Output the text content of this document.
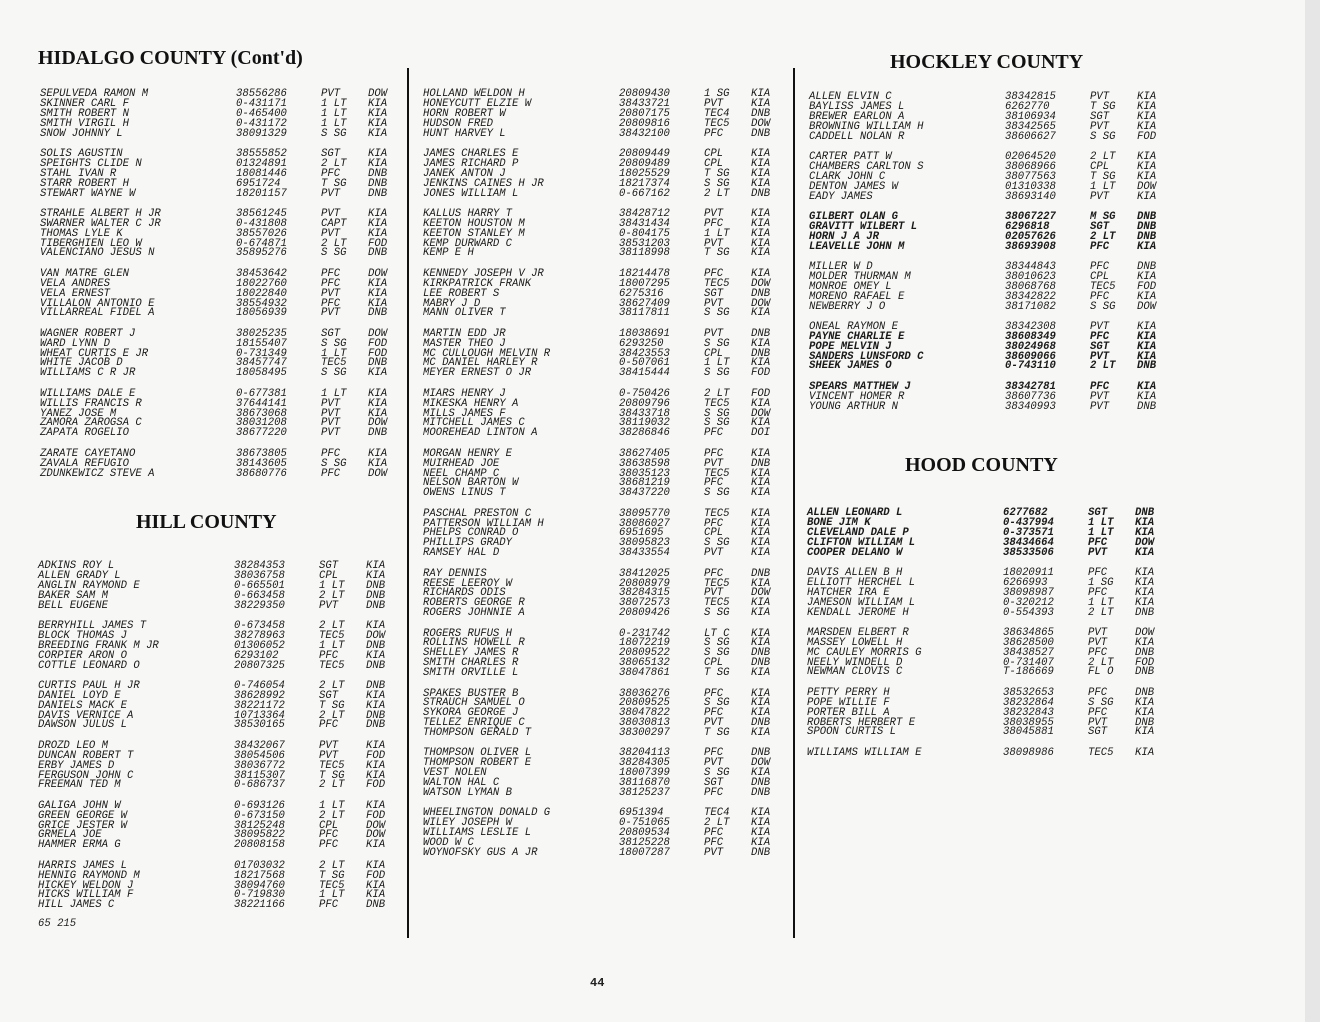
HIDALGO COUNTY (Cont'd)
HILL COUNTY
HOCKLEY COUNTY
HOOD COUNTY
SEPULVEDA RAMON M	38556286	PVT	DOW
SKINNER CARL F	0-431171	1 LT KIA
SMITH ROBERT N	0-465400	1 LT KIA
SMITH VIRGIL H	0-431172	1 LT KIA
SNOW JOHNNY L	38091329	S SG KIA
SOLIS AGUSTIN	38555852	SGT	KIA
SPEIGHTS CLIDE N	01324891	2 LT KIA
STAHL IVAN R	18081446	PFC	DNB
STARR ROBERT H	6951724	T SG DNB
STEWART WAYNE W	18201157	PVT	DNB
STRAHLE ALBERT H JR	38561245	PVT	KIA
SWARNER WALTER C JR	0-431808	CAPT KIA
THOMAS LYLE K	38557026	PVT	KIA
TIBERGHIEN LEO W	0-674871	2 LT FOD
VALENCIANO JESUS N	35895276	S SG DNB
VAN MATRE GLEN	38453642	PFC	DOW
VELA ANDRES	18022760	PFC	KIA
VELA ERNEST	18022840	PVT	KIA
VILLALON ANTONIO E	38554932	PFC	KIA
VILLARREAL FIDEL A	18056939	PVT	DNB
WAGNER ROBERT J	38025235	SGT	DOW
WARD LYNN D	18155407	S SG FOD
WHEAT CURTIS E JR	0-731349	1 LT FOD
WHITE JACOB D	38457747	TEC5 DNB
WILLIAMS C R JR	18058495	S SG KIA
WILLIAMS DALE E	0-677381	1 LT KIA
WILLIS FRANCIS R	37644141	PVT	KIA
YANEZ JOSE M	38673068	PVT	KIA
ZAMORA ZAROGSA C	38031208	PVT	DOW
ZAPATA ROGELIO	38677220	PVT	DNB
ZARATE CAYETANO	38673805	PFC	KIA
ZAVALA REFUGIO	38143605	S SG KIA
ZDUNKEWICZ STEVE A	38680776	PFC	DOW
ADKINS ROY L	38284353	SGT	KIA
ALLEN GRADY L	38036758	CPL	KIA
ANGLIN RAYMOND E	0-665501	1 LT DNB
BAKER SAM M	0-663458	2 LT DNB
BELL EUGENE	38229350	PVT	DNB
BERRYHILL JAMES T	0-673458	2 LT KIA
BLOCK THOMAS J	38278963	TEC5 DOW
BREEDING FRANK M JR	01306052	1 LT DNB
CORPIER ARON O	6293102	PFC	KIA
COTTLE LEONARD O	20807325	TEC5 DNB
CURTIS PAUL H JR	0-746054	2 LT DNB
DANIEL LOYD E	38628992	SGT	KIA
DANIELS MACK E	38221172	T SG KIA
DAVIS VERNICE A	10713364	2 LT DNB
DAWSON JULUS L	38530165	PFC	DNB
DROZD LEO M	38432067	PVT	KIA
DUNCAN ROBERT T	38054506	PVT	FOD
ERBY JAMES D	38036772	TEC5 KIA
FERGUSON JOHN C	38115307	T SG KIA
FREEMAN TED M	0-686737	2 LT FOD
GALIGA JOHN W	0-693126	1 LT KIA
GREEN GEORGE W	0-673150	2 LT FOD
GRICE JESTER W	38125248	CPL	DOW
GRMELA JOE	38095822	PFC	DOW
HAMMER ERMA G	20808158	PFC	KIA
HARRIS JAMES L	01703032	2 LT KIA
HENNIG RAYMOND M	18217568	T SG FOD
HICKEY WELDON J	38094760	TEC5 KIA
HICKS WILLIAM F	0-719830	1 LT KIA
HILL JAMES C	38221166	PFC	DNB
HOLLAND WELDON H	20809430	1 SG KIA
HONEYCUTT ELZIE W	38433721	PVT	KIA
HORN ROBERT W	20807175	TEC4 DNB
HUDSON FRED	20809816	TEC5 DOW
HUNT HARVEY L	38432100	PFC	DNB
JAMES CHARLES E	20809449	CPL	KIA
JAMES RICHARD P	20809489	CPL	KIA
JANEK ANTON J	18025529	T SG KIA
JENKINS CAINES H JR	18217374	S SG KIA
JONES WILLIAM L	0-667162	2 LT DNB
KALLUS HARRY T	38428712	PVT	KIA
KEETON HOUSTON M	38431434	PFC	KIA
KEETON STANLEY M	0-804175	1 LT KIA
KEMP DURWARD C	38531203	PVT	KIA
KEMP E H	38118998	T SG KIA
KENNEDY JOSEPH V JR	18214478	PFC	KIA
KIRKPATRICK FRANK	18007295	TEC5 DOW
LEE ROBERT S	6275316	SGT	DNB
MABRY J D	38627409	PVT	DOW
MANN OLIVER T	38117811	S SG KIA
MARTIN EDD JR	18038691	PVT	DNB
MASTER THEO J	6293250	S SG KIA
MC CULLOUGH MELVIN R	38423553	CPL	DNB
MC DANIEL HARLEY R	0-507061	1 LT KIA
MEYER ERNEST O JR	38415444	S SG FOD
MIARS HENRY J	0-750426	2 LT FOD
MIKESKA HENRY A	20809796	TEC5 KIA
MILLS JAMES F	38433718	S SG DOW
MITCHELL JAMES C	38119032	S SG KIA
MOOREHEAD LINTON A	38286846	PFC	DOI
MORGAN HENRY E	38627405	PFC	KIA
MUIRHEAD JOE	38638598	PVT	DNB
NEEL CHAMP C	38035123	TEC5 KIA
NELSON BARTON W	38681219	PFC	KIA
OWENS LINUS T	38437220	S SG KIA
PASCHAL PRESTON C	38095770	TEC5 KIA
PATTERSON WILLIAM H	38086027	PFC	KIA
PHELPS CONRAD O	6951695	CPL	KIA
PHILLIPS GRADY	38095823	S SG KIA
RAMSEY HAL D	38433554	PVT	KIA
RAY DENNIS	38412025	PFC	DNB
REESE LEEROY W	20808979	TEC5 KIA
RICHARDS ODIS	38284315	PVT	DOW
ROBERTS GEORGE R	38072573	TEC5 KIA
ROGERS JOHNNIE A	20809426	S SG KIA
ROGERS RUFUS H	0-231742	LT C KIA
ROLLINS HOWELL R	18072219	S SG KIA
SHELLEY JAMES R	20809522	S SG DNB
SMITH CHARLES R	38065132	CPL	DNB
SMITH ORVILLE L	38047861	T SG KIA
SPAKES BUSTER B	38036276	PFC	KIA
STRAUCH SAMUEL O	20809525	S SG KIA
SYKORA GEORGE J	38047822	PFC	KIA
TELLEZ ENRIQUE C	38030813	PVT	DNB
THOMPSON GERALD T	38300297	T SG KIA
THOMPSON OLIVER L	38204113	PFC	DNB
THOMPSON ROBERT E	38284305	PVT	DOW
VEST NOLEN	18007399	S SG KIA
WALTON HAL C	38116870	SGT	DNB
WATSON LYMAN B	38125237	PFC	DNB
WHEELINGTON DONALD G	6951394	TEC4 KIA
WILEY JOSEPH W	0-751065	2 LT KIA
WILLIAMS LESLIE L	20809534	PFC	KIA
WOOD W C	38125228	PFC	KIA
WOYNOFSKY GUS A JR	18007287	PVT	DNB
ALLEN ELVIN C	38342815	PVT	KIA
BAYLISS JAMES L	6262770	T SG KIA
BREWER EARLON A	38106934	SGT	KIA
BROWNING WILLIAM H	38342565	PVT	KIA
CADDELL NOLAN R	38606627	S SG FOD
CARTER PATT W	02064520	2 LT KIA
CHAMBERS CARLTON S	38068966	CPL	KIA
CLARK JOHN C	38077563	T SG KIA
DENTON JAMES W	01310338	1 LT DOW
EADY JAMES	38693140	PVT	KIA
GILBERT OLAN G	38067227	M SG DNB
GRAVITT WILBERT L	6296818	SGT	DNB
HORN J A JR	02057626	2 LT DNB
LEAVELLE JOHN M	38693908	PFC	KIA
MILLER W D	38344843	PFC	DNB
MOLDER THURMAN M	38010623	CPL	KIA
MONROE OMEY L	38068768	TEC5 FOD
MORENO RAFAEL E	38342822	PFC	KIA
NEWBERRY J O	38171082	S SG DOW
ONEAL RAYMON E	38342308	PVT	KIA
PAYNE CHARLIE E	38608349	PFC	KIA
POPE MELVIN J	38024968	SGT	KIA
SANDERS LUNSFORD C	38609066	PVT	KIA
SHEEK JAMES O	0-743110	2 LT DNB
SPEARS MATTHEW J	38342781	PFC	KIA
VINCENT HOMER R	38607736	PVT	KIA
YOUNG ARTHUR N	38340993	PVT	DNB
ALLEN LEONARD L	6277682	SGT	DNB
BONE JIM K	0-437994	1 LT KIA
CLEVELAND DALE P	0-373571	1 LT KIA
CLIFTON WILLIAM L	38434664	PFC	DOW
COOPER DELANO W	38533506	PVT	KIA
DAVIS ALLEN B H	18020911	PFC	KIA
ELLIOTT HERCHEL L	6266993	1 SG KIA
HATCHER IRA E	38098987	PFC	KIA
JAMESON WILLIAM L	0-320212	1 LT KIA
KENDALL JEROME H	0-554393	2 LT DNB
MARSDEN ELBERT R	38634865	PVT	DOW
MASSEY LOWELL H	38628500	PVT	KIA
MC CAULEY MORRIS G	38438527	PFC	DNB
NEELY WINDELL D	0-731407	2 LT FOD
NEWMAN CLOVIS C	T-186669	FL O DNB
PETTY PERRY H	38532653	PFC	DNB
POPE WILLIE F	38232864	S SG KIA
PORTER BILL A	38232843	PFC	KIA
ROBERTS HERBERT E	38038955	PVT	DNB
SPOON CURTIS L	38045881	SGT	KIA
WILLIAMS WILLIAM E	38098986	TEC5 KIA
65 215
44
